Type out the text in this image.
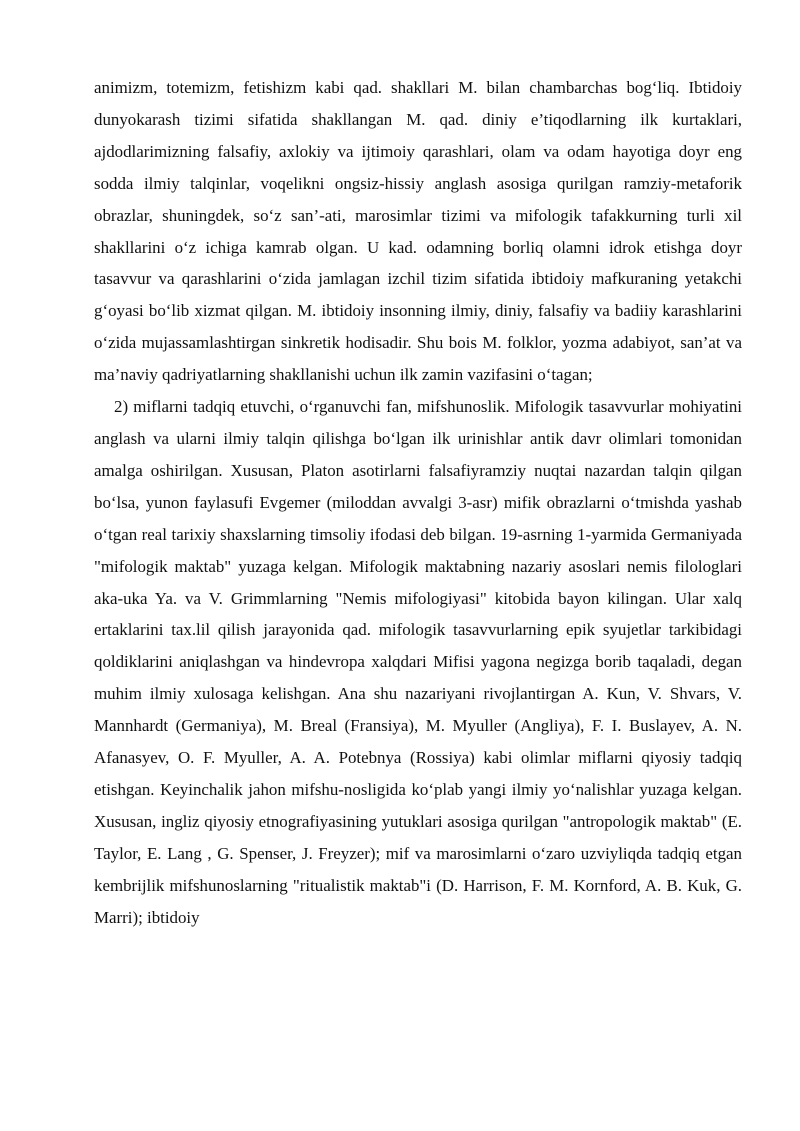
animizm, totemizm, fetishizm kabi qad. shakllari M. bilan chambarchas bog‘liq. Ibtidoiy dunyokarash tizimi sifatida shakllangan M. qad. diniy e’tiqodlarning ilk kurtaklari, ajdodlarimizning falsafiy, axlokiy va ijtimoiy qarashlari, olam va odam hayotiga doyr eng sodda ilmiy talqinlar, voqelikni ongsiz-hissiy anglash asosiga qurilgan ramziy-metaforik obrazlar, shuningdek, so‘z san’-ati, marosimlar tizimi va mifologik tafakkurning turli xil shakllarini o‘z ichiga kamrab olgan. U kad. odamning borliq olamni idrok etishga doyr tasavvur va qarashlarini o‘zida jamlagan izchil tizim sifatida ibtidoiy mafkuraning yetakchi g‘oyasi bo‘lib xizmat qilgan. M. ibtidoiy insonning ilmiy, diniy, falsafiy va badiiy karashlarini o‘zida mujassamlashtirgan sinkretik hodisadir. Shu bois M. folklor, yozma adabiyot, san’at va ma’naviy qadriyatlarning shakllanishi uchun ilk zamin vazifasini o‘tagan;

2) miflarni tadqiq etuvchi, o‘rganuvchi fan, mifshunoslik. Mifologik tasavvurlar mohiyatini anglash va ularni ilmiy talqin qilishga bo‘lgan ilk urinishlar antik davr olimlari tomonidan amalga oshirilgan. Xususan, Platon asotirlarni falsafiyramziy nuqtai nazardan talqin qilgan bo‘lsa, yunon faylasufi Evgemer (miloddan avvalgi 3-asr) mifik obrazlarni o‘tmishda yashab o‘tgan real tarixiy shaxslarning timsoliy ifodasi deb bilgan. 19-asrning 1-yarmida Germaniyada "mifologik maktab" yuzaga kelgan. Mifologik maktabning nazariy asoslari nemis filologlari aka-uka Ya. va V. Grimmlarning "Nemis mifologiyasi" kitobida bayon kilingan. Ular xalq ertaklarini tax.lil qilish jarayonida qad. mifologik tasavvurlarning epik syujetlar tarkibidagi qoldiklarini aniqlashgan va hindevropa xalqdari Mifisi yagona negizga borib taqaladi, degan muhim ilmiy xulosaga kelishgan. Ana shu nazariyani rivojlantirgan A. Kun, V. Shvars, V. Mannhardt (Germaniya), M. Breal (Fransiya), M. Myuller (Angliya), F. I. Buslayev, A. N. Afanasyev, O. F. Myuller, A. A. Potebnya (Rossiya) kabi olimlar miflarni qiyosiy tadqiq etishgan. Keyinchalik jahon mifshu-nosligida ko‘plab yangi ilmiy yo‘nalishlar yuzaga kelgan. Xususan, ingliz qiyosiy etnografiyasining yutuklari asosiga qurilgan "antropologik maktab" (E. Taylor, E. Lang , G. Spenser, J. Freyzer); mif va marosimlarni o‘zaro uzviyliqda tadqiq etgan kembrijlik mifshunoslarning "ritualistik maktab"i (D. Harrison, F. M. Kornford, A. B. Kuk, G. Marri); ibtidoiy
